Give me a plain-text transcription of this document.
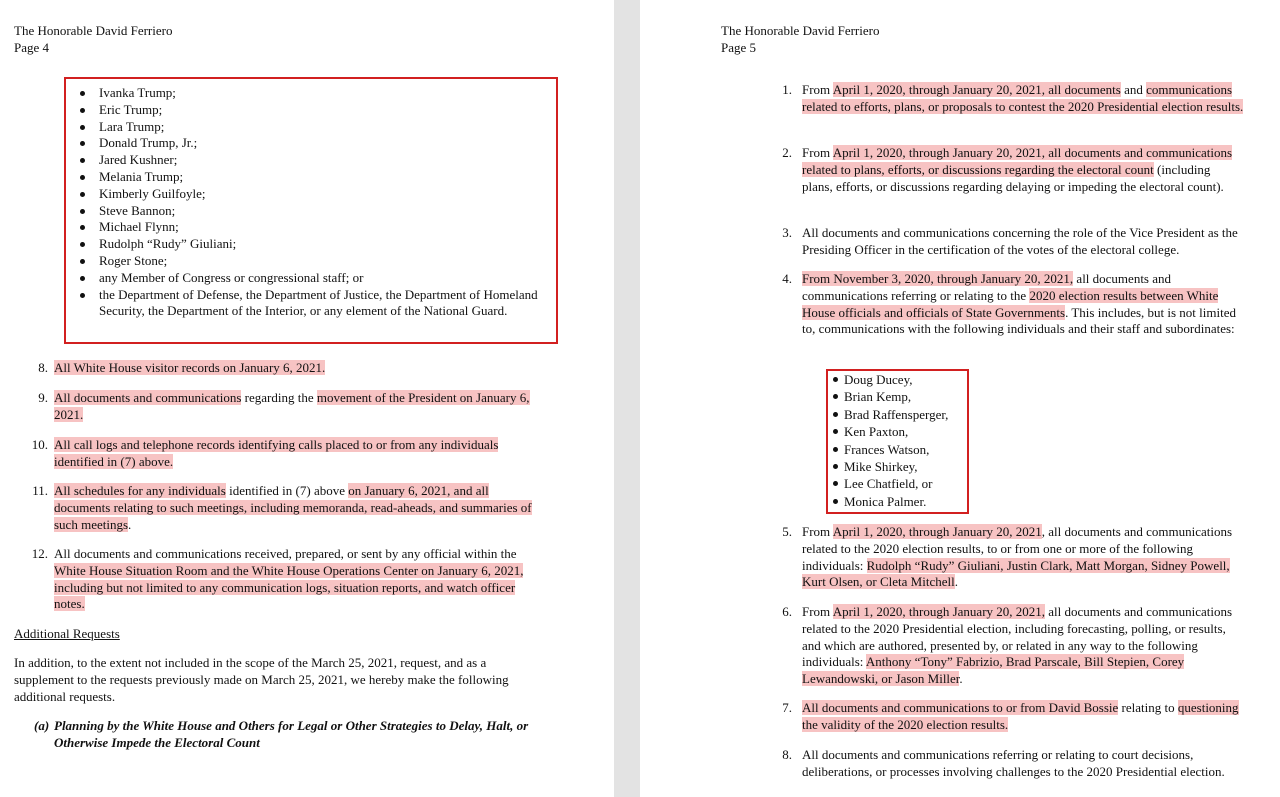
The Honorable David Ferriero
Page 4
Ivanka Trump;
Eric Trump;
Lara Trump;
Donald Trump, Jr.;
Jared Kushner;
Melania Trump;
Kimberly Guilfoyle;
Steve Bannon;
Michael Flynn;
Rudolph “Rudy” Giuliani;
Roger Stone;
any Member of Congress or congressional staff; or
the Department of Defense, the Department of Justice, the Department of Homeland Security, the Department of the Interior, or any element of the National Guard.
8. All White House visitor records on January 6, 2021.
9. All documents and communications regarding the movement of the President on January 6, 2021.
10. All call logs and telephone records identifying calls placed to or from any individuals identified in (7) above.
11. All schedules for any individuals identified in (7) above on January 6, 2021, and all documents relating to such meetings, including memoranda, read-aheads, and summaries of such meetings.
12. All documents and communications received, prepared, or sent by any official within the White House Situation Room and the White House Operations Center on January 6, 2021, including but not limited to any communication logs, situation reports, and watch officer notes.
Additional Requests
In addition, to the extent not included in the scope of the March 25, 2021, request, and as a supplement to the requests previously made on March 25, 2021, we hereby make the following additional requests.
(a) Planning by the White House and Others for Legal or Other Strategies to Delay, Halt, or Otherwise Impede the Electoral Count
The Honorable David Ferriero
Page 5
1. From April 1, 2020, through January 20, 2021, all documents and communications related to efforts, plans, or proposals to contest the 2020 Presidential election results.
2. From April 1, 2020, through January 20, 2021, all documents and communications related to plans, efforts, or discussions regarding the electoral count (including plans, efforts, or discussions regarding delaying or impeding the electoral count).
3. All documents and communications concerning the role of the Vice President as the Presiding Officer in the certification of the votes of the electoral college.
4. From November 3, 2020, through January 20, 2021, all documents and communications referring or relating to the 2020 election results between White House officials and officials of State Governments. This includes, but is not limited to, communications with the following individuals and their staff and subordinates:
Doug Ducey,
Brian Kemp,
Brad Raffensperger,
Ken Paxton,
Frances Watson,
Mike Shirkey,
Lee Chatfield, or
Monica Palmer.
5. From April 1, 2020, through January 20, 2021, all documents and communications related to the 2020 election results, to or from one or more of the following individuals: Rudolph “Rudy” Giuliani, Justin Clark, Matt Morgan, Sidney Powell, Kurt Olsen, or Cleta Mitchell.
6. From April 1, 2020, through January 20, 2021, all documents and communications related to the 2020 Presidential election, including forecasting, polling, or results, and which are authored, presented by, or related in any way to the following individuals: Anthony “Tony” Fabrizio, Brad Parscale, Bill Stepien, Corey Lewandowski, or Jason Miller.
7. All documents and communications to or from David Bossie relating to questioning the validity of the 2020 election results.
8. All documents and communications referring or relating to court decisions, deliberations, or processes involving challenges to the 2020 Presidential election.
